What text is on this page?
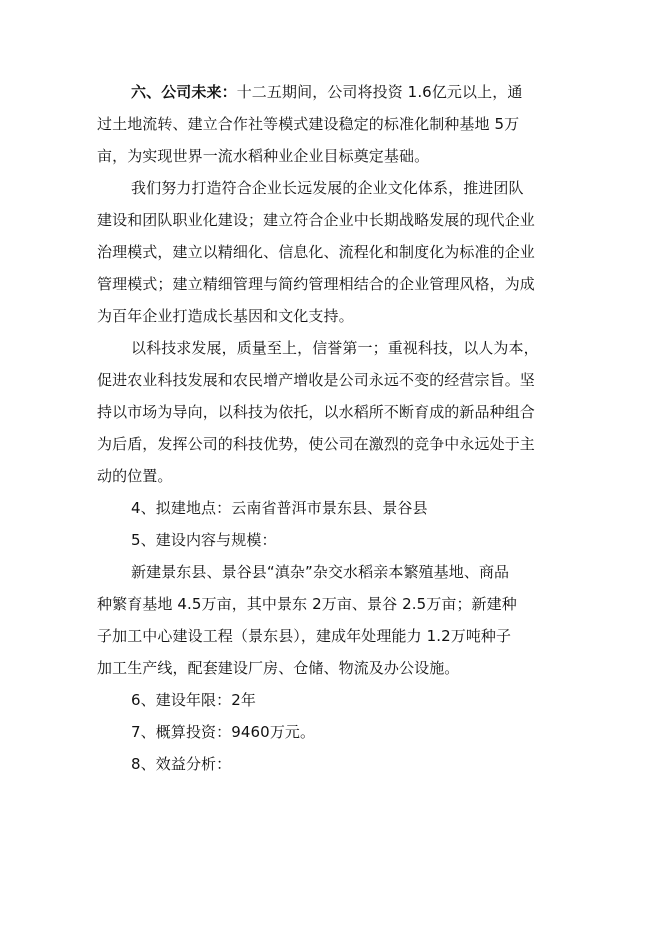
六、公司未来：十二五期间，公司将投资 1.6亿元以上，通
过土地流转、建立合作社等模式建设稳定的标准化制种基地 5万
亩，为实现世界一流水稻种业企业目标奠定基础。
我们努力打造符合企业长远发展的企业文化体系，推进团队
建设和团队职业化建设；建立符合企业中长期战略发展的现代企业
治理模式，建立以精细化、信息化、流程化和制度化为标准的企业
管理模式；建立精细管理与简约管理相结合的企业管理风格，为成
为百年企业打造成长基因和文化支持。
以科技求发展，质量至上，信誉第一；重视科技，以人为本，
促进农业科技发展和农民增产增收是公司永远不变的经营宗旨。坚
持以市场为导向，以科技为依托，以水稻所不断育成的新品种组合
为后盾，发挥公司的科技优势，使公司在激烈的竞争中永远处于主
动的位置。
4、拟建地点：云南省普洱市景东县、景谷县
5、建设内容与规模：
新建景东县、景谷县“滇杂”杂交水稻亲本繁殖基地、商品
种繁育基地 4.5万亩，其中景东 2万亩、景谷 2.5万亩；新建种
子加工中心建设工程（景东县），建成年处理能力 1.2万吨种子
加工生产线，配套建设厂房、仓储、物流及办公设施。
6、建设年限：2年
7、概算投资：9460万元。
8、效益分析：
